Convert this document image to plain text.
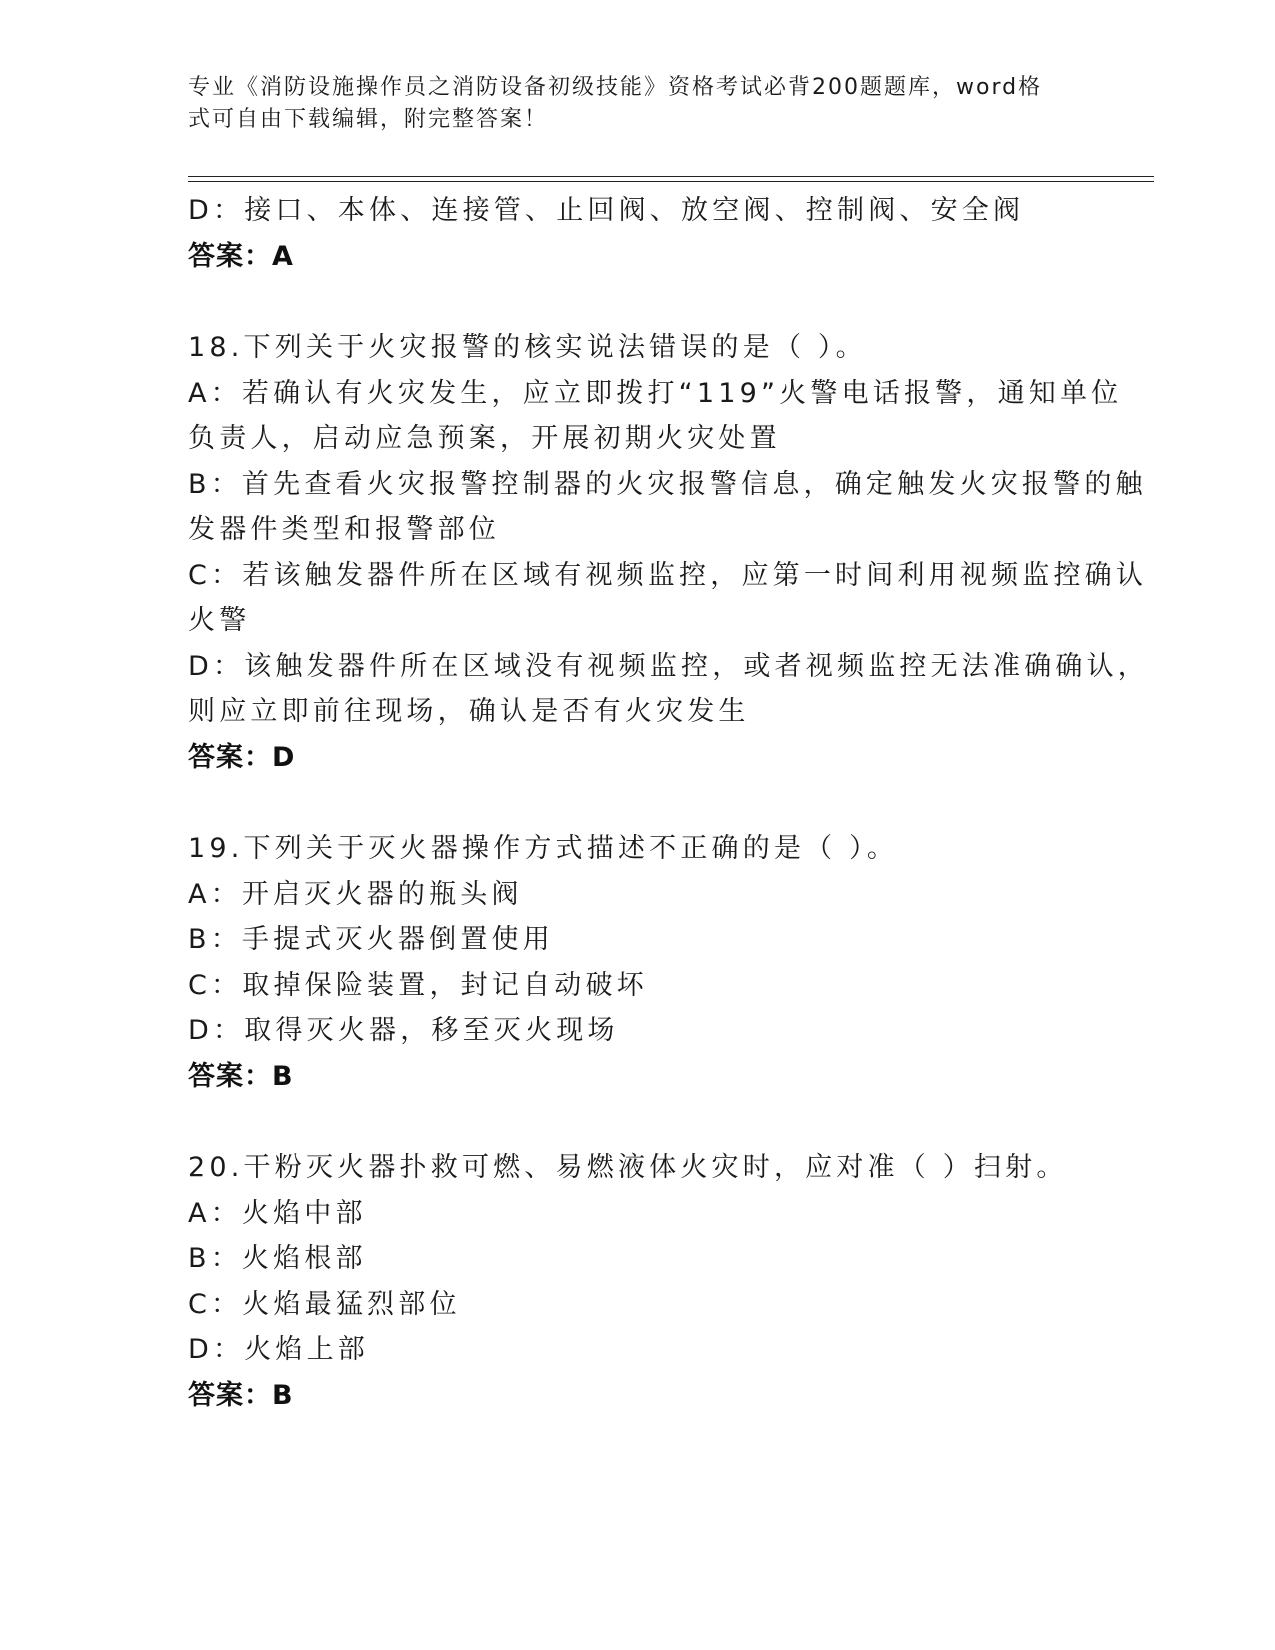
专业《消防设施操作员之消防设备初级技能》资格考试必背200题题库，word格
式可自由下载编辑，附完整答案！
D：接口、本体、连接管、止回阀、放空阀、控制阀、安全阀
答案：A
18.下列关于火灾报警的核实说法错误的是（ ）。
A：若确认有火灾发生，应立即拨打“119”火警电话报警，通知单位
负责人，启动应急预案，开展初期火灾处置
B：首先查看火灾报警控制器的火灾报警信息，确定触发火灾报警的触
发器件类型和报警部位
C：若该触发器件所在区域有视频监控，应第一时间利用视频监控确认
火警
D：该触发器件所在区域没有视频监控，或者视频监控无法准确确认，
则应立即前往现场，确认是否有火灾发生
答案：D
19.下列关于灭火器操作方式描述不正确的是（ ）。
A：开启灭火器的瓶头阀
B：手提式灭火器倒置使用
C：取掉保险装置，封记自动破坏
D：取得灭火器，移至灭火现场
答案：B
20.干粉灭火器扑救可燃、易燃液体火灾时，应对准（ ）扫射。
A：火焰中部
B：火焰根部
C：火焰最猛烈部位
D：火焰上部
答案：B
